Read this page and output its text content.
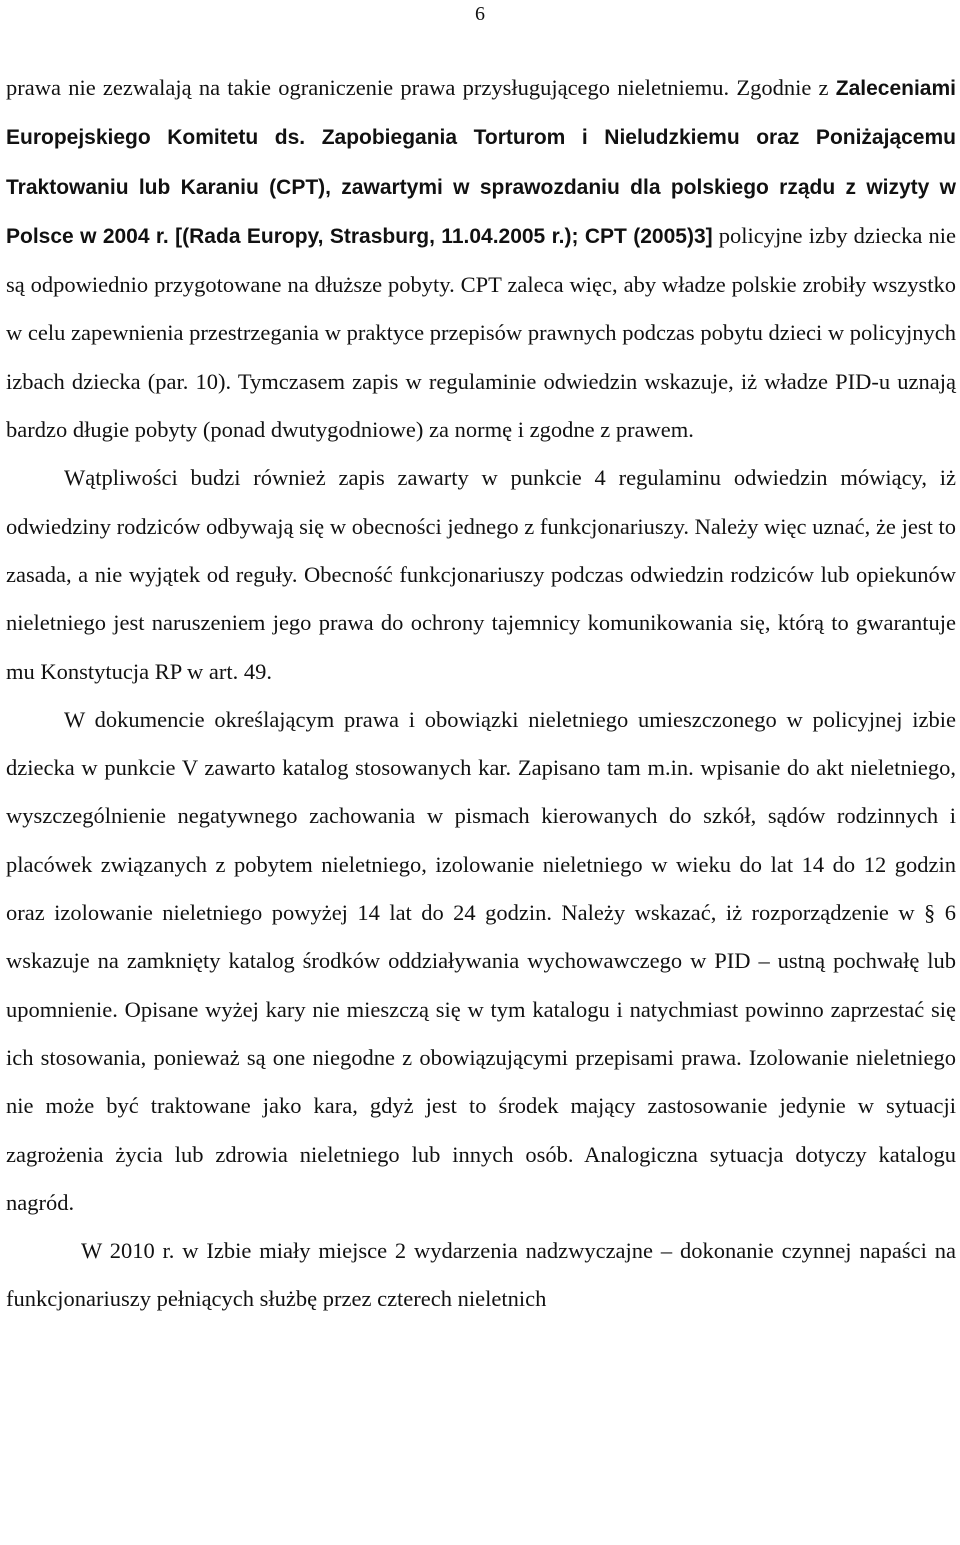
6

prawa nie zezwalają na takie ograniczenie prawa przysługującego nieletniemu. Zgodnie z Zaleceniami Europejskiego Komitetu ds. Zapobiegania Torturom i Nieludzkiemu oraz Poniżającemu Traktowaniu lub Karaniu (CPT), zawartymi w sprawozdaniu dla polskiego rządu z wizyty w Polsce w 2004 r. [(Rada Europy, Strasburg, 11.04.2005 r.); CPT (2005)3] policyjne izby dziecka nie są odpowiednio przygotowane na dłuższe pobyty. CPT zaleca więc, aby władze polskie zrobiły wszystko w celu zapewnienia przestrzegania w praktyce przepisów prawnych podczas pobytu dzieci w policyjnych izbach dziecka (par. 10). Tymczasem zapis w regulaminie odwiedzin wskazuje, iż władze PID-u uznają bardzo długie pobyty (ponad dwutygodniowe) za normę i zgodne z prawem.

Wątpliwości budzi również zapis zawarty w punkcie 4 regulaminu odwiedzin mówiący, iż odwiedziny rodziców odbywają się w obecności jednego z funkcjonariuszy. Należy więc uznać, że jest to zasada, a nie wyjątek od reguły. Obecność funkcjonariuszy podczas odwiedzin rodziców lub opiekunów nieletniego jest naruszeniem jego prawa do ochrony tajemnicy komunikowania się, którą to gwarantuje mu Konstytucja RP w art. 49.

W dokumencie określającym prawa i obowiązki nieletniego umieszczonego w policyjnej izbie dziecka w punkcie V zawarto katalog stosowanych kar. Zapisano tam m.in. wpisanie do akt nieletniego, wyszczególnienie negatywnego zachowania w pismach kierowanych do szkół, sądów rodzinnych i placówek związanych z pobytem nieletniego, izolowanie nieletniego w wieku do lat 14 do 12 godzin oraz izolowanie nieletniego powyżej 14 lat do 24 godzin. Należy wskazać, iż rozporządzenie w § 6 wskazuje na zamknięty katalog środków oddziaływania wychowawczego w PID – ustną pochwałę lub upomnienie. Opisane wyżej kary nie mieszczą się w tym katalogu i natychmiast powinno zaprzestać się ich stosowania, ponieważ są one niegodne z obowiązującymi przepisami prawa. Izolowanie nieletniego nie może być traktowane jako kara, gdyż jest to środek mający zastosowanie jedynie w sytuacji zagrożenia życia lub zdrowia nieletniego lub innych osób. Analogiczna sytuacja dotyczy katalogu nagród.

W 2010 r. w Izbie miały miejsce 2 wydarzenia nadzwyczajne – dokonanie czynnej napaści na funkcjonariuszy pełniących służbę przez czterech nieletnich
